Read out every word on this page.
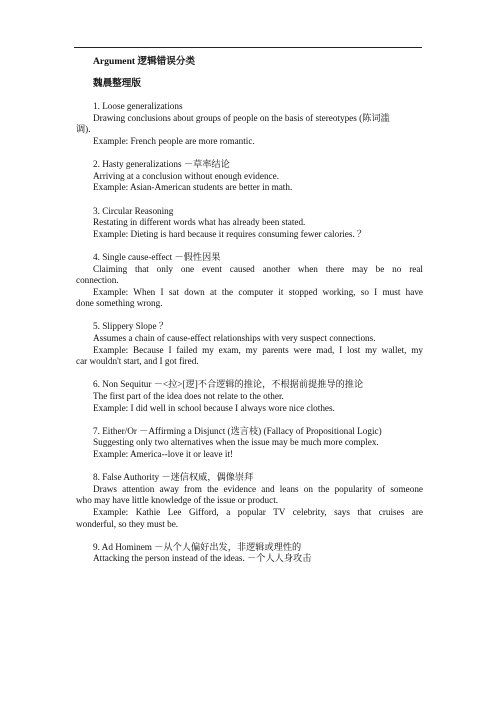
Argument 逻辑错误分类
魏晨整理版
1. Loose generalizations
Drawing conclusions about groups of people on the basis of stereotypes (陈词滥
调).
Example: French people are more romantic.
2. Hasty generalizations －草率结论
Arriving at a conclusion without enough evidence.
Example: Asian-American students are better in math.
3. Circular Reasoning
Restating in different words what has already been stated.
Example: Dieting is hard because it requires consuming fewer calories. ？
4. Single cause-effect －假性因果
Claiming that only one event caused another when there may be no real
connection.
Example: When I sat down at the computer it stopped working, so I must have
done something wrong.
5. Slippery Slope ？
Assumes a chain of cause-effect relationships with very suspect connections.
Example: Because I failed my exam, my parents were mad, I lost my wallet, my
car wouldn't start, and I got fired.
6. Non Sequitur －<拉>[逻]不合逻辑的推论，不根据前提推导的推论
The first part of the idea does not relate to the other.
Example: I did well in school because I always wore nice clothes.
7. Either/Or －Affirming a Disjunct (选言枝) (Fallacy of Propositional Logic)
Suggesting only two alternatives when the issue may be much more complex.
Example: America--love it or leave it!
8. False Authority －迷信权威，偶像崇拜
Draws attention away from the evidence and leans on the popularity of someone
who may have little knowledge of the issue or product.
Example: Kathie Lee Gifford, a popular TV celebrity, says that cruises are
wonderful, so they must be.
9. Ad Hominem －从个人偏好出发，非逻辑或理性的
Attacking the person instead of the ideas. －个人人身攻击
